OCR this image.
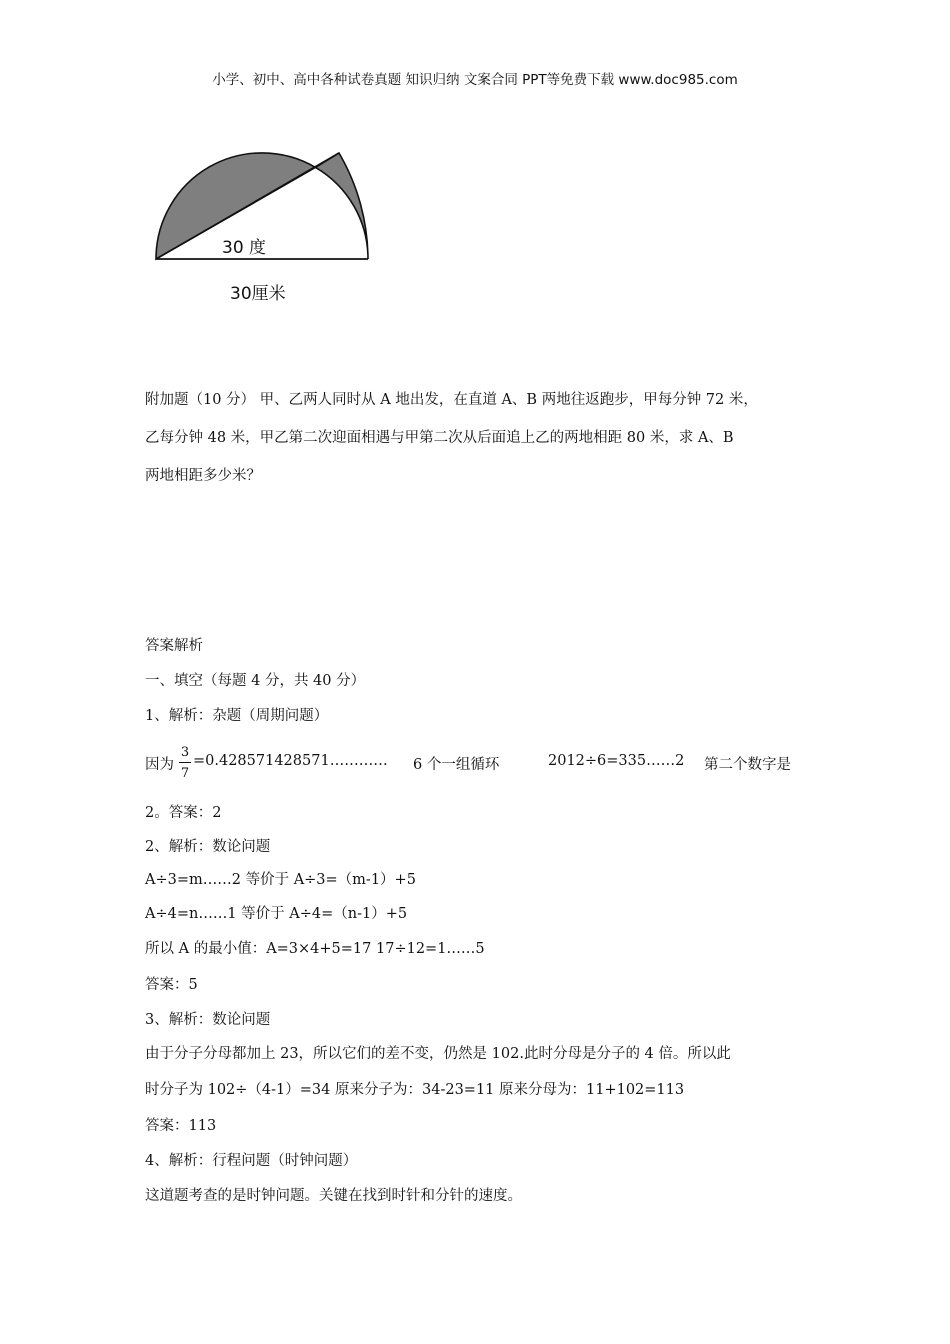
小学、初中、高中各种试卷真题 知识归纳 文案合同 PPT等免费下载 www.doc985.com
30 度
30厘米
附加题（10 分） 甲、乙两人同时从 A 地出发，在直道 A、B 两地往返跑步，甲每分钟 72 米，
乙每分钟 48 米，甲乙第二次迎面相遇与甲第二次从后面追上乙的两地相距 80 米，求 A、B
两地相距多少米？
答案解析
一、填空（每题 4 分，共 40 分）
1、解析：杂题（周期问题）
因为
3
7
=0.428571428571………… 6 个一组循环	2012÷6=335……2 第二个数字是
2。答案：2
2、解析：数论问题
A÷3=m……2 等价于 A÷3=（m-1）+5
A÷4=n……1 等价于 A÷4=（n-1）+5
所以 A 的最小值：A=3×4+5=17 17÷12=1……5
答案：5
3、解析：数论问题
由于分子分母都加上 23，所以它们的差不变，仍然是 102.此时分母是分子的 4 倍。所以此
时分子为 102÷（4-1）=34 原来分子为：34-23=11 原来分母为：11+102=113
答案：113
4、解析：行程问题（时钟问题）
这道题考查的是时钟问题。关键在找到时针和分针的速度。
